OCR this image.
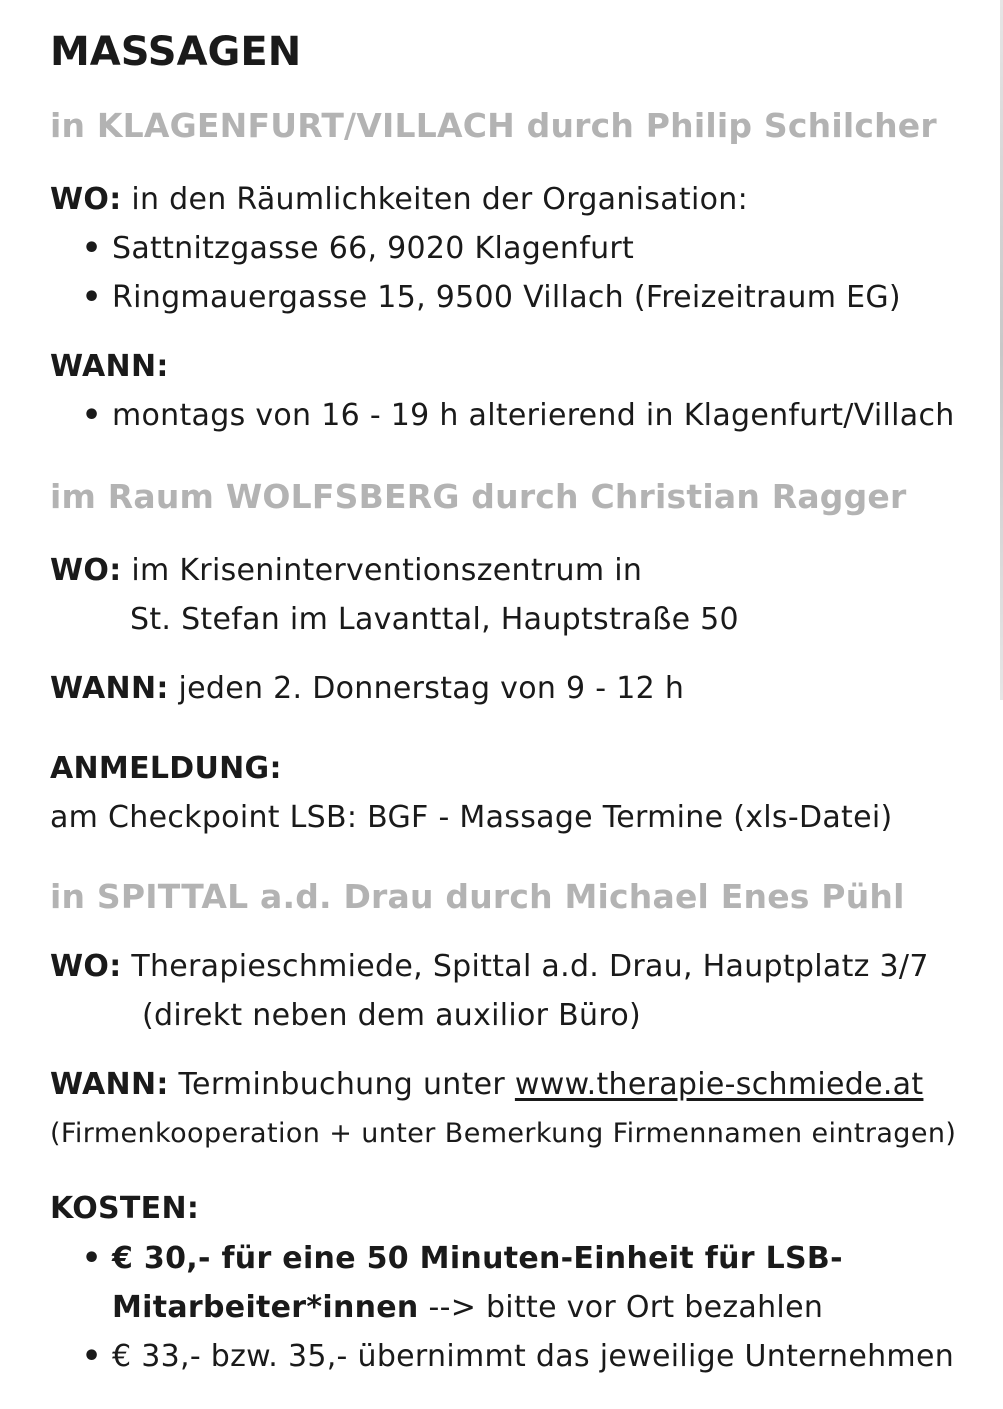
MASSAGEN
in KLAGENFURT/VILLACH durch Philip Schilcher
WO: in den Räumlichkeiten der Organisation:
• Sattnitzgasse 66, 9020 Klagenfurt
• Ringmauergasse 15, 9500 Villach (Freizeitraum EG)
WANN:
• montags von 16 - 19 h alterierend in Klagenfurt/Villach
im Raum WOLFSBERG durch Christian Ragger
WO: im Kriseninterventionszentrum in
St. Stefan im Lavanttal, Hauptstraße 50
WANN: jeden 2. Donnerstag von 9 - 12 h
ANMELDUNG:
am Checkpoint LSB: BGF - Massage Termine (xls-Datei)
in SPITTAL a.d. Drau durch Michael Enes Pühl
WO: Therapieschmiede, Spittal a.d. Drau, Hauptplatz 3/7
(direkt neben dem auxilior Büro)
WANN: Terminbuchung unter www.therapie-schmiede.at
(Firmenkooperation + unter Bemerkung Firmennamen eintragen)
KOSTEN:
• € 30,- für eine 50 Minuten-Einheit für LSB-
Mitarbeiter*innen --> bitte vor Ort bezahlen
• € 33,- bzw. 35,- übernimmt das jeweilige Unternehmen
